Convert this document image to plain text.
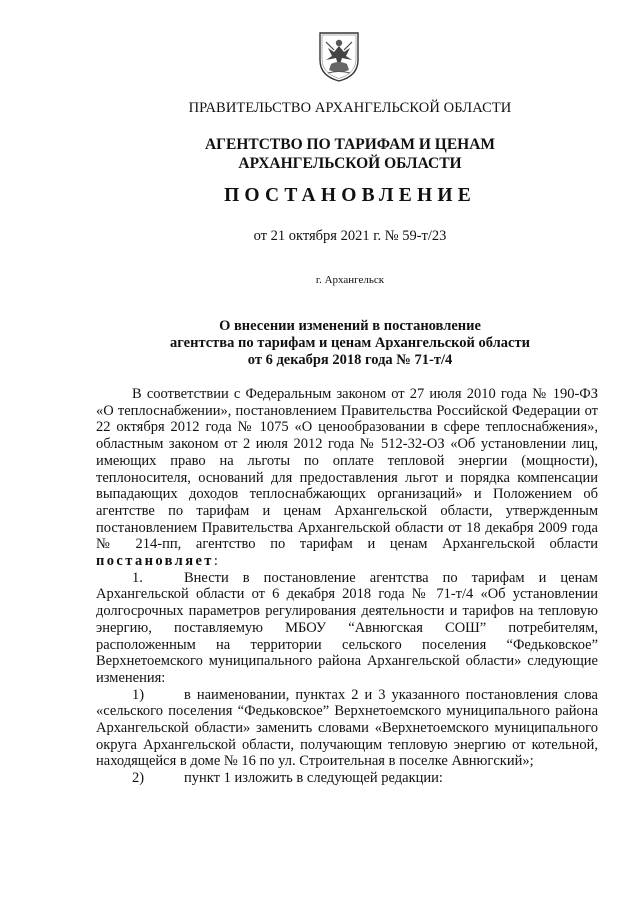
ПРАВИТЕЛЬСТВО АРХАНГЕЛЬСКОЙ ОБЛАСТИ
АГЕНТСТВО ПО ТАРИФАМ И ЦЕНАМ
АРХАНГЕЛЬСКОЙ ОБЛАСТИ
ПОСТАНОВЛЕНИЕ
от 21 октября 2021 г. № 59-т/23
г. Архангельск
О внесении изменений в постановление
агентства по тарифам и ценам Архангельской области
от 6 декабря 2018 года № 71-т/4

В соответствии с Федеральным законом от 27 июля 2010 года № 190-ФЗ «О теплоснабжении», постановлением Правительства Российской Федерации от 22 октября 2012 года № 1075 «О ценообразовании в сфере теплоснабжения», областным законом от 2 июля 2012 года № 512-32-ОЗ «Об установлении лиц, имеющих право на льготы по оплате тепловой энергии (мощности), теплоносителя, оснований для предоставления льгот и порядка компенсации выпадающих доходов теплоснабжающих организаций» и Положением об агентстве по тарифам и ценам Архангельской области, утвержденным постановлением Правительства Архангельской области от 18 декабря 2009 года № 214-пп, агентство по тарифам и ценам Архангельской области постановляет:

1.	Внести в постановление агентства по тарифам и ценам Архангельской области от 6 декабря 2018 года № 71-т/4 «Об установлении долгосрочных параметров регулирования деятельности и тарифов на тепловую энергию, поставляемую МБОУ “Авнюгская СОШ” потребителям, расположенным на территории сельского поселения “Федьковское” Верхнетоемского муниципального района Архангельской области» следующие изменения:

1)	в наименовании, пунктах 2 и 3 указанного постановления слова «сельского поселения “Федьковское” Верхнетоемского муниципального района Архангельской области» заменить словами «Верхнетоемского муниципального округа Архангельской области, получающим тепловую энергию от котельной, находящейся в доме № 16 по ул. Строительная в поселке Авнюгский»;

2)	пункт 1 изложить в следующей редакции:
